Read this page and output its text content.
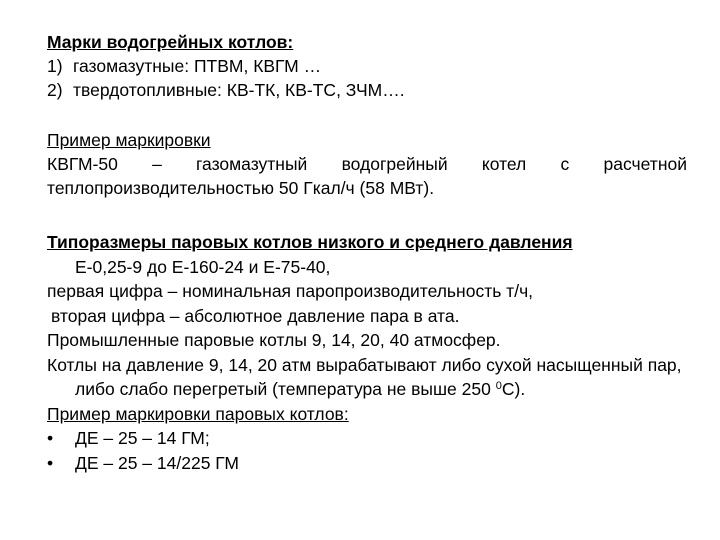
Марки водогрейных котлов:
1) газомазутные: ПТВМ, КВГМ …
2) твердотопливные: КВ-ТК, КВ-ТС, ЗЧМ….
Пример маркировки
КВГМ-50 – газомазутный водогрейный котел с расчетной
теплопроизводительностью 50 Гкал/ч (58 МВт).
Типоразмеры паровых котлов низкого и среднего давления
Е-0,25-9 до Е-160-24 и Е-75-40,
первая цифра – номинальная паропроизводительность т/ч,
вторая цифра – абсолютное давление пара в ата.
Промышленные паровые котлы 9, 14, 20, 40 атмосфер.
Котлы на давление 9, 14, 20 атм вырабатывают либо сухой насыщенный пар, либо слабо перегретый (температура не выше 250 $^0$С).
Пример маркировки паровых котлов:
• ДЕ – 25 – 14 ГМ;
• ДЕ – 25 – 14/225 ГМ
